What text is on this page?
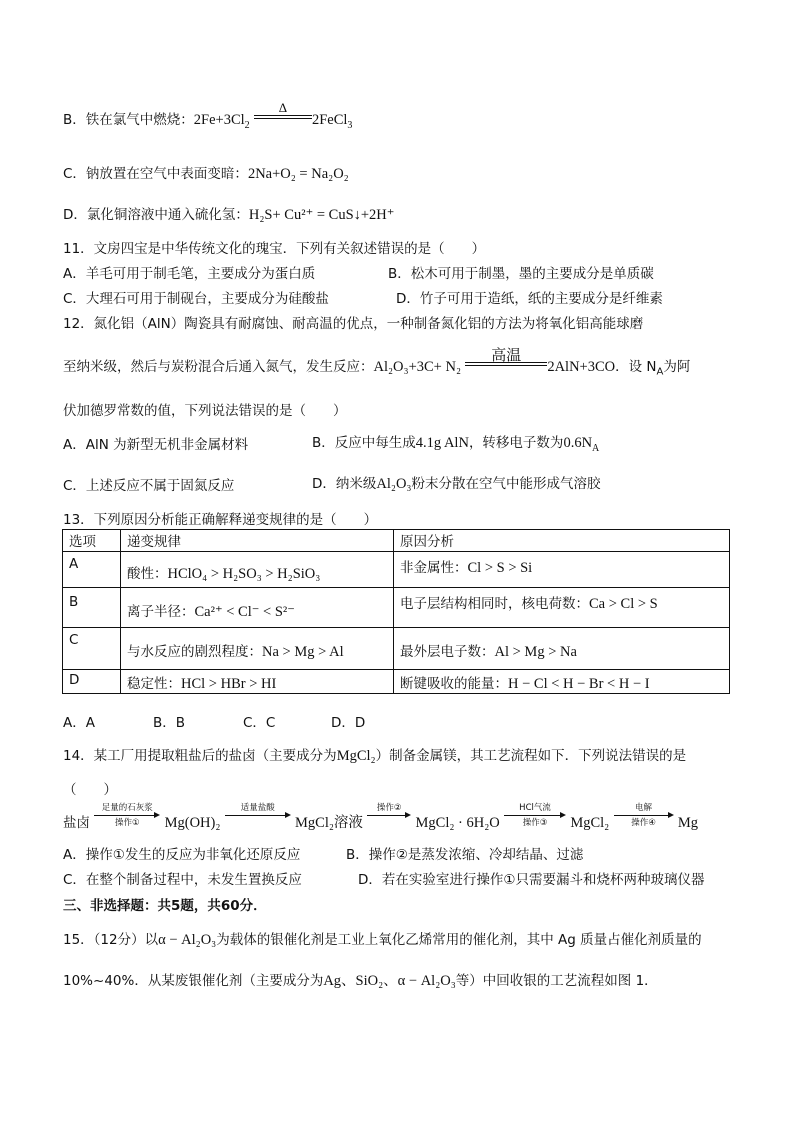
B．铁在氯气中燃烧：$2Fe+3Cl_2$
Δ
2FeCl$_3$
C．钠放置在空气中表面变暗：2Na+O₂ = Na₂O₂
D．氯化铜溶液中通入硫化氢：H₂S+ Cu²⁺ = CuS↓+2H⁺
11．文房四宝是中华传统文化的瑰宝．下列有关叙述错误的是（　　）
A．羊毛可用于制毛笔，主要成分为蛋白质	B．松木可用于制墨，墨的主要成分是单质碳
C．大理石可用于制砚台，主要成分为硅酸盐	D．竹子可用于造纸，纸的主要成分是纤维素
12．氮化铝（AlN）陶瓷具有耐腐蚀、耐高温的优点，一种制备氮化铝的方法为将氧化铝高能球磨
至纳米级，然后与炭粉混合后通入氮气，发生反应：Al₂O₃+3C+ N₂
高温
2AlN+3CO．设 $N_A$为阿
伏加德罗常数的值，下列说法错误的是（　　）
A．AlN 为新型无机非金属材料	B．反应中每生成4.1g AlN，转移电子数为$0.6N_A$
C．上述反应不属于固氮反应	D．纳米级Al₂O₃粉末分散在空气中能形成气溶胶
13．下列原因分析能正确解释递变规律的是（　　）
选项	递变规律	原因分析
A	酸性：HClO₄ > H₂SO₃ > H₂SiO₃	非金属性：Cl > S > Si
B	离子半径：Ca²⁺ < Cl⁻ < S²⁻	电子层结构相同时，核电荷数：Ca > Cl > S
C	与水反应的剧烈程度：Na > Mg > Al	最外层电子数：Al > Mg > Na
D	稳定性：HCl > HBr > HI	断键吸收的能量：H − Cl < H − Br < H − I
A．A	B．B	C．C	D．D
14．某工厂用提取粗盐后的盐卤（主要成分为MgCl₂）制备金属镁，其工艺流程如下．下列说法错误的是
（　　）
盐卤
足量的石灰浆
操作①	Mg(OH)₂
适量盐酸

MgCl₂溶液
操作②

MgCl₂ · 6H₂O
HCl气流
操作③	MgCl₂
电解
操作④	Mg
A．操作①发生的反应为非氧化还原反应	B．操作②是蒸发浓缩、冷却结晶、过滤
C．在整个制备过程中，未发生置换反应	D．若在实验室进行操作①只需要漏斗和烧杯两种玻璃仪器
三、非选择题：共5题，共60分．
15．（12分）以α − Al₂O₃为载体的银催化剂是工业上氧化乙烯常用的催化剂，其中 Ag 质量占催化剂质量的
10%~40%．从某废银催化剂（主要成分为Ag、SiO₂、α − Al₂O₃等）中回收银的工艺流程如图 1．
